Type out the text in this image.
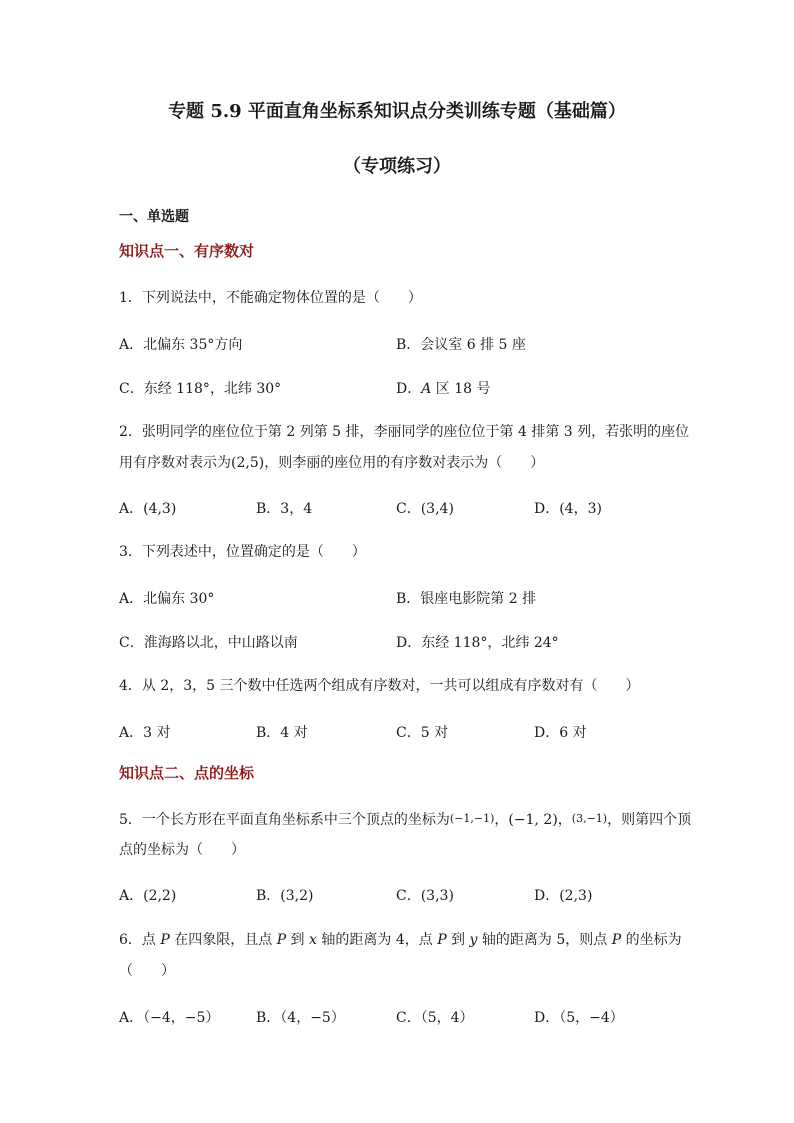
专题 5.9 平面直角坐标系知识点分类训练专题（基础篇）
（专项练习）
一、单选题
知识点一、有序数对
1．下列说法中，不能确定物体位置的是（　　）
A．北偏东 35°方向	B．会议室 6 排 5 座
C．东经 118°，北纬 30°	D．A 区 18 号
2．张明同学的座位位于第 2 列第 5 排，李丽同学的座位位于第 4 排第 3 列，若张明的座位
用有序数对表示为(2,5)，则李丽的座位用的有序数对表示为（　　）
A．(4,3)	B．3，4	C．(3,4)	D．(4，3)
3．下列表述中，位置确定的是（　　）
A．北偏东 30°	B．银座电影院第 2 排
C．淮海路以北，中山路以南	D．东经 118°，北纬 24°
4．从 2，3，5 三个数中任选两个组成有序数对，一共可以组成有序数对有（　　）
A．3 对	B．4 对	C．5 对	D．6 对
知识点二、点的坐标
5．一个长方形在平面直角坐标系中三个顶点的坐标为(−1,−1)，(−1, 2)，(3,−1)，则第四个顶
点的坐标为（　　）
A．(2,2)	B．(3,2)	C．(3,3)	D．(2,3)
6．点 P 在四象限，且点 P 到 x 轴的距离为 4，点 P 到 y 轴的距离为 5，则点 P 的坐标为
（　　）
A．（−4，−5）	B．（4，−5）	C．（5，4）	D．（5，−4）
